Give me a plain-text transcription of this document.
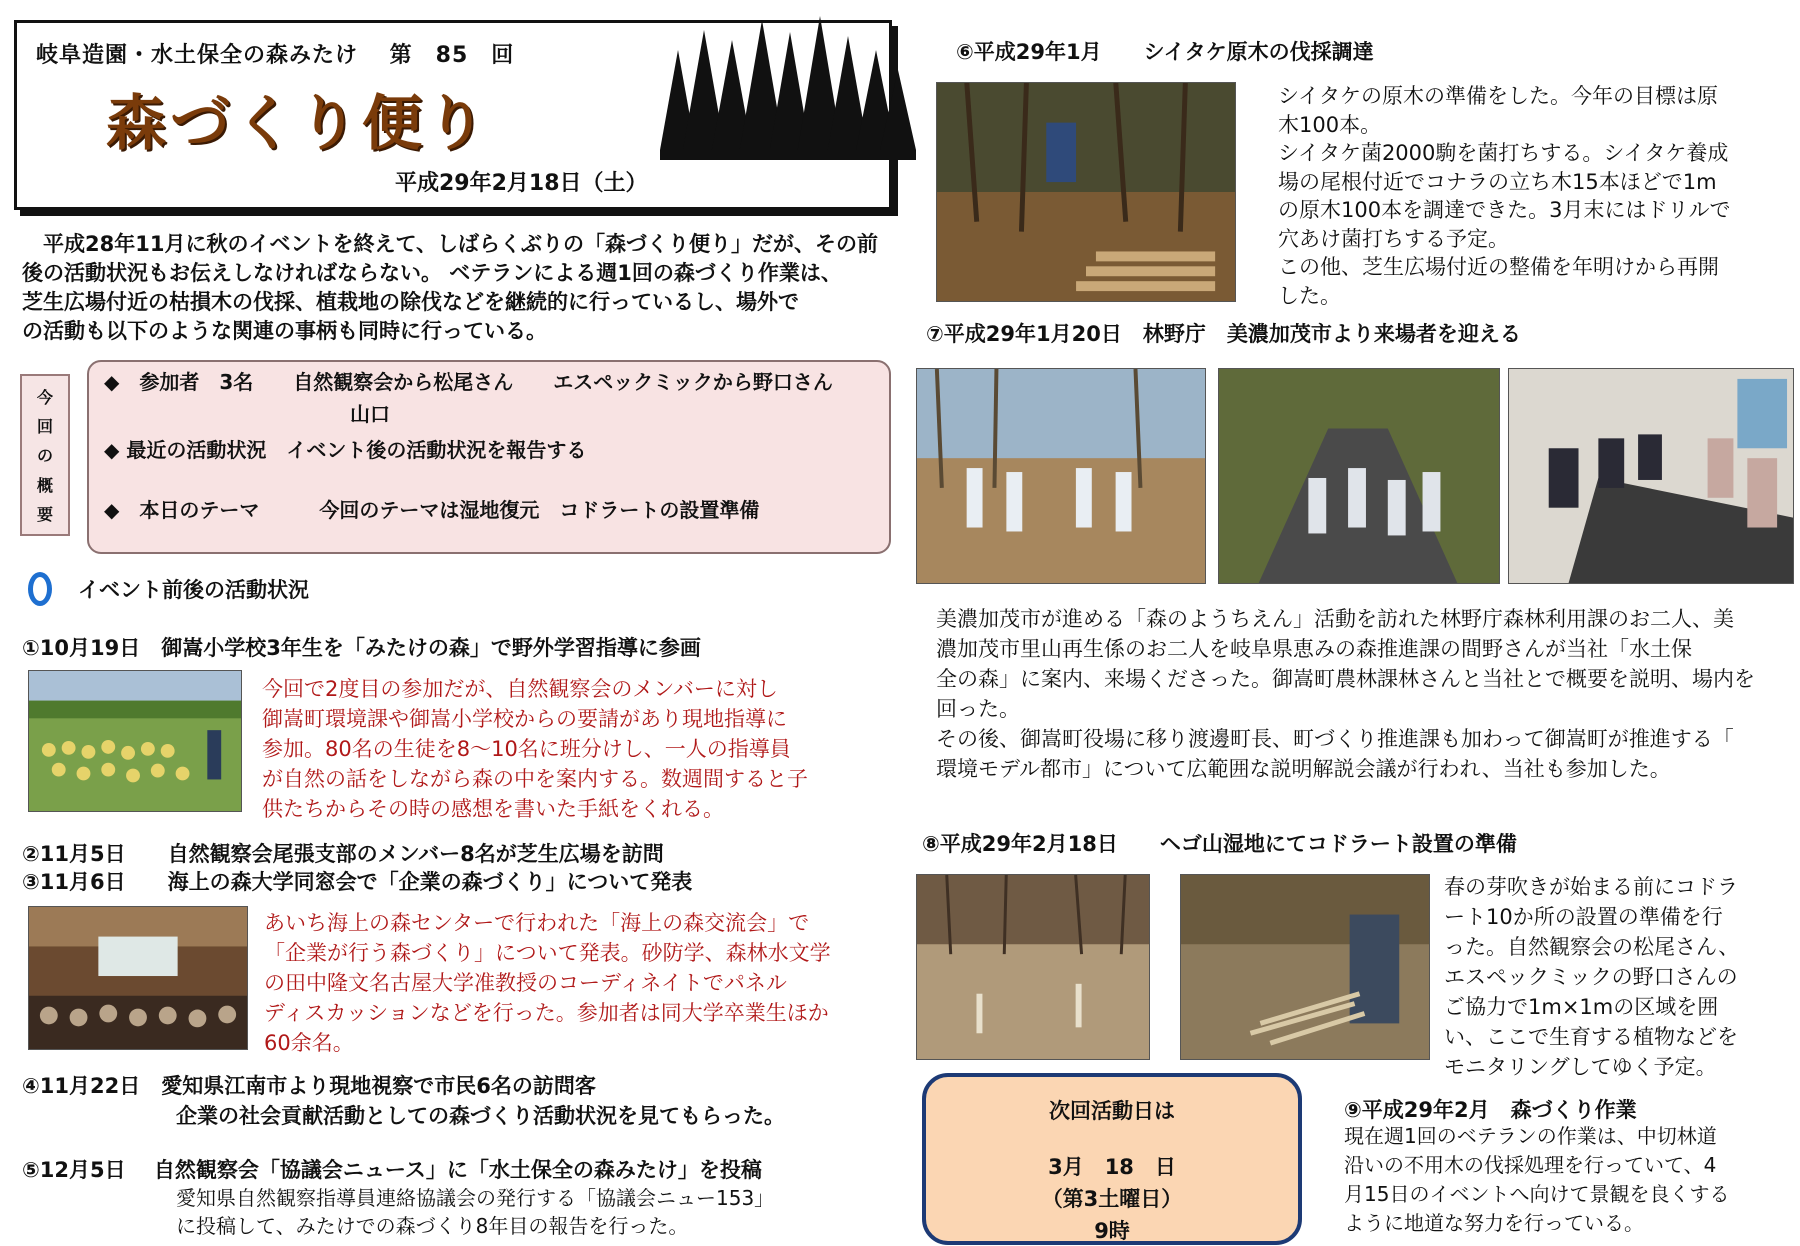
岐阜造園・水土保全の森みたけ　 第　85　回
森づくり便り
平成29年2月18日（土）
　平成28年11月に秋のイベントを終えて、しばらくぶりの「森づくり便り」だが、その前
後の活動状況もお伝えしなければならない。 ベテランによる週1回の森づくり作業は、
芝生広場付近の枯損木の伐採、植栽地の除伐などを継続的に行っているし、場外で
の活動も以下のような関連の事柄も同時に行っている。
今
回
の
概
要
◆　参加者　3名　　自然観察会から松尾さん　　エスペックミックから野口さん
山口
◆ 最近の活動状況　イベント後の活動状況を報告する
◆　本日のテーマ　　　今回のテーマは湿地復元　コドラートの設置準備
イベント前後の活動状況
①10月19日　御嵩小学校3年生を「みたけの森」で野外学習指導に参画
今回で2度目の参加だが、自然観察会のメンバーに対し
御嵩町環境課や御嵩小学校からの要請があり現地指導に
参加。80名の生徒を8～10名に班分けし、一人の指導員
が自然の話をしながら森の中を案内する。数週間すると子
供たちからその時の感想を書いた手紙をくれる。
②11月5日　　自然観察会尾張支部のメンバー8名が芝生広場を訪問
③11月6日　　海上の森大学同窓会で「企業の森づくり」について発表
あいち海上の森センターで行われた「海上の森交流会」で
「企業が行う森づくり」について発表。砂防学、森林水文学
の田中隆文名古屋大学准教授のコーディネイトでパネル
ディスカッションなどを行った。参加者は同大学卒業生ほか
60余名。
④11月22日　愛知県江南市より現地視察で市民6名の訪問客
企業の社会貢献活動としての森づくり活動状況を見てもらった。
⑤12月5日　 自然観察会「協議会ニュース」に「水土保全の森みたけ」を投稿
愛知県自然観察指導員連絡協議会の発行する「協議会ニュー153」
に投稿して、みたけでの森づくり8年目の報告を行った。
⑥平成29年1月　　シイタケ原木の伐採調達
シイタケの原木の準備をした。今年の目標は原
木100本。
シイタケ菌2000駒を菌打ちする。シイタケ養成
場の尾根付近でコナラの立ち木15本ほどで1m
の原木100本を調達できた。3月末にはドリルで
穴あけ菌打ちする予定。
この他、芝生広場付近の整備を年明けから再開
した。
⑦平成29年1月20日　林野庁　美濃加茂市より来場者を迎える
美濃加茂市が進める「森のようちえん」活動を訪れた林野庁森林利用課のお二人、美
濃加茂市里山再生係のお二人を岐阜県恵みの森推進課の間野さんが当社「水土保
全の森」に案内、来場くださった。御嵩町農林課林さんと当社とで概要を説明、場内を
回った。
その後、御嵩町役場に移り渡邊町長、町づくり推進課も加わって御嵩町が推進する「
環境モデル都市」について広範囲な説明解説会議が行われ、当社も参加した。
⑧平成29年2月18日　　ヘゴ山湿地にてコドラート設置の準備
春の芽吹きが始まる前にコドラ
ート10か所の設置の準備を行
った。自然観察会の松尾さん、
エスペックミックの野口さんの
ご協力で1m×1mの区域を囲
い、ここで生育する植物などを
モニタリングしてゆく予定。
次回活動日は
3月　18　日
（第3土曜日）
9時
⑨平成29年2月　森づくり作業
現在週1回のベテランの作業は、中切林道
沿いの不用木の伐採処理を行っていて、4
月15日のイベントへ向けて景観を良くする
ように地道な努力を行っている。
